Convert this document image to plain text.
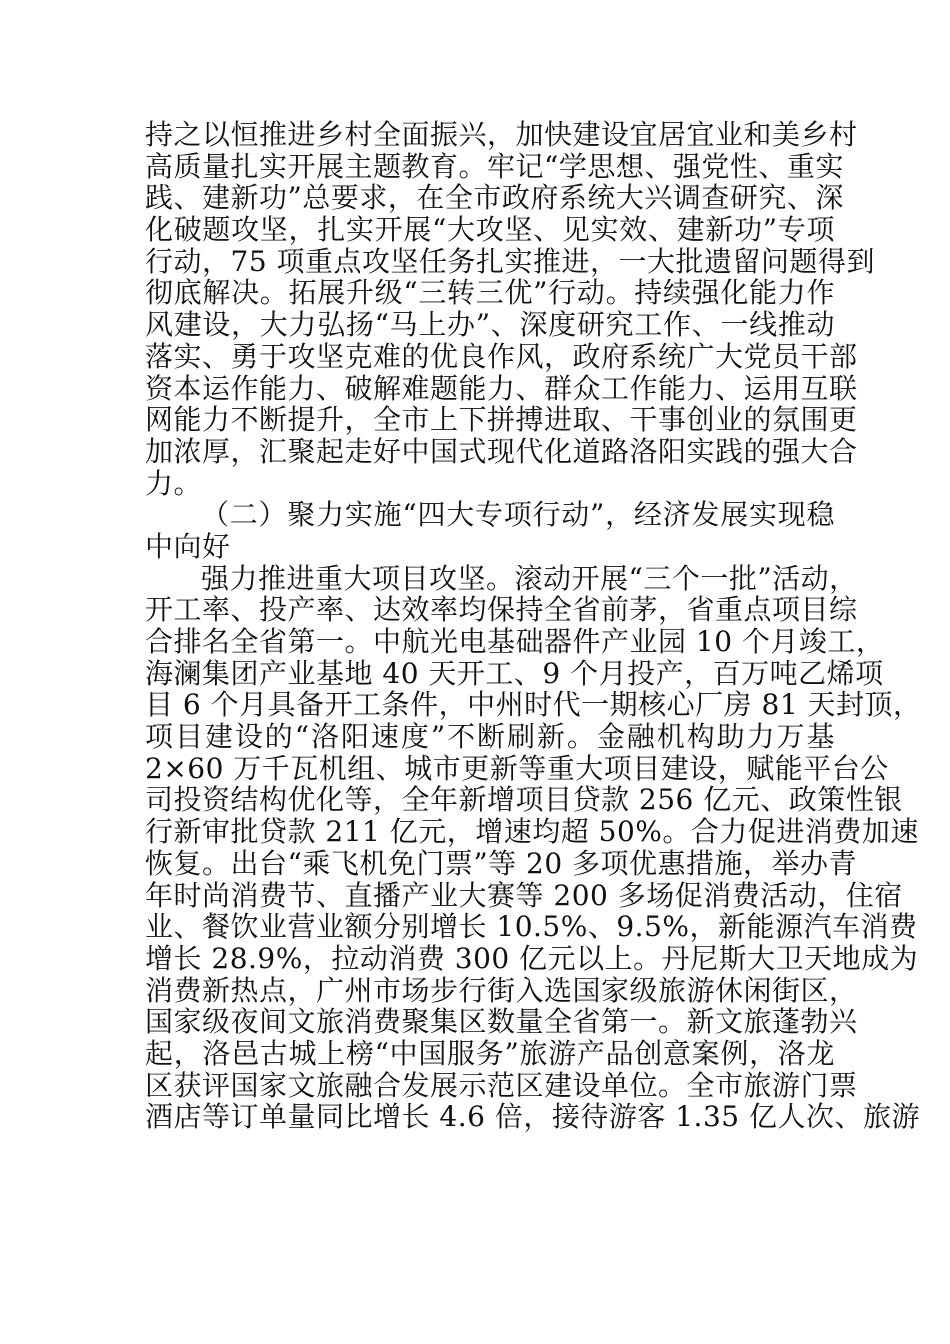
持之以恒推进乡村全面振兴，加快建设宜居宜业和美乡村
高质量扎实开展主题教育。牢记“学思想、强党性、重实
践、建新功”总要求，在全市政府系统大兴调查研究、深
化破题攻坚，扎实开展“大攻坚、见实效、建新功”专项
行动，75 项重点攻坚任务扎实推进，一大批遗留问题得到
彻底解决。拓展升级“三转三优”行动。持续强化能力作
风建设，大力弘扬“马上办”、深度研究工作、一线推动
落实、勇于攻坚克难的优良作风，政府系统广大党员干部
资本运作能力、破解难题能力、群众工作能力、运用互联
网能力不断提升，全市上下拼搏进取、干事创业的氛围更
加浓厚，汇聚起走好中国式现代化道路洛阳实践的强大合
力。
（二）聚力实施“四大专项行动”，经济发展实现稳
中向好
强力推进重大项目攻坚。滚动开展“三个一批”活动，
开工率、投产率、达效率均保持全省前茅，省重点项目综
合排名全省第一。中航光电基础器件产业园 10 个月竣工，
海澜集团产业基地 40 天开工、9 个月投产，百万吨乙烯项
目 6 个月具备开工条件，中州时代一期核心厂房 81 天封顶，
项目建设的“洛阳速度”不断刷新。金融机构助力万基
2×60 万千瓦机组、城市更新等重大项目建设，赋能平台公
司投资结构优化等，全年新增项目贷款 256 亿元、政策性银
行新审批贷款 211 亿元，增速均超 50%。合力促进消费加速
恢复。出台“乘飞机免门票”等 20 多项优惠措施，举办青
年时尚消费节、直播产业大赛等 200 多场促消费活动，住宿
业、餐饮业营业额分别增长 10.5%、9.5%，新能源汽车消费
增长 28.9%，拉动消费 300 亿元以上。丹尼斯大卫天地成为
消费新热点，广州市场步行街入选国家级旅游休闲街区，
国家级夜间文旅消费聚集区数量全省第一。新文旅蓬勃兴
起，洛邑古城上榜“中国服务”旅游产品创意案例，洛龙
区获评国家文旅融合发展示范区建设单位。全市旅游门票
酒店等订单量同比增长 4.6 倍，接待游客 1.35 亿人次、旅游
